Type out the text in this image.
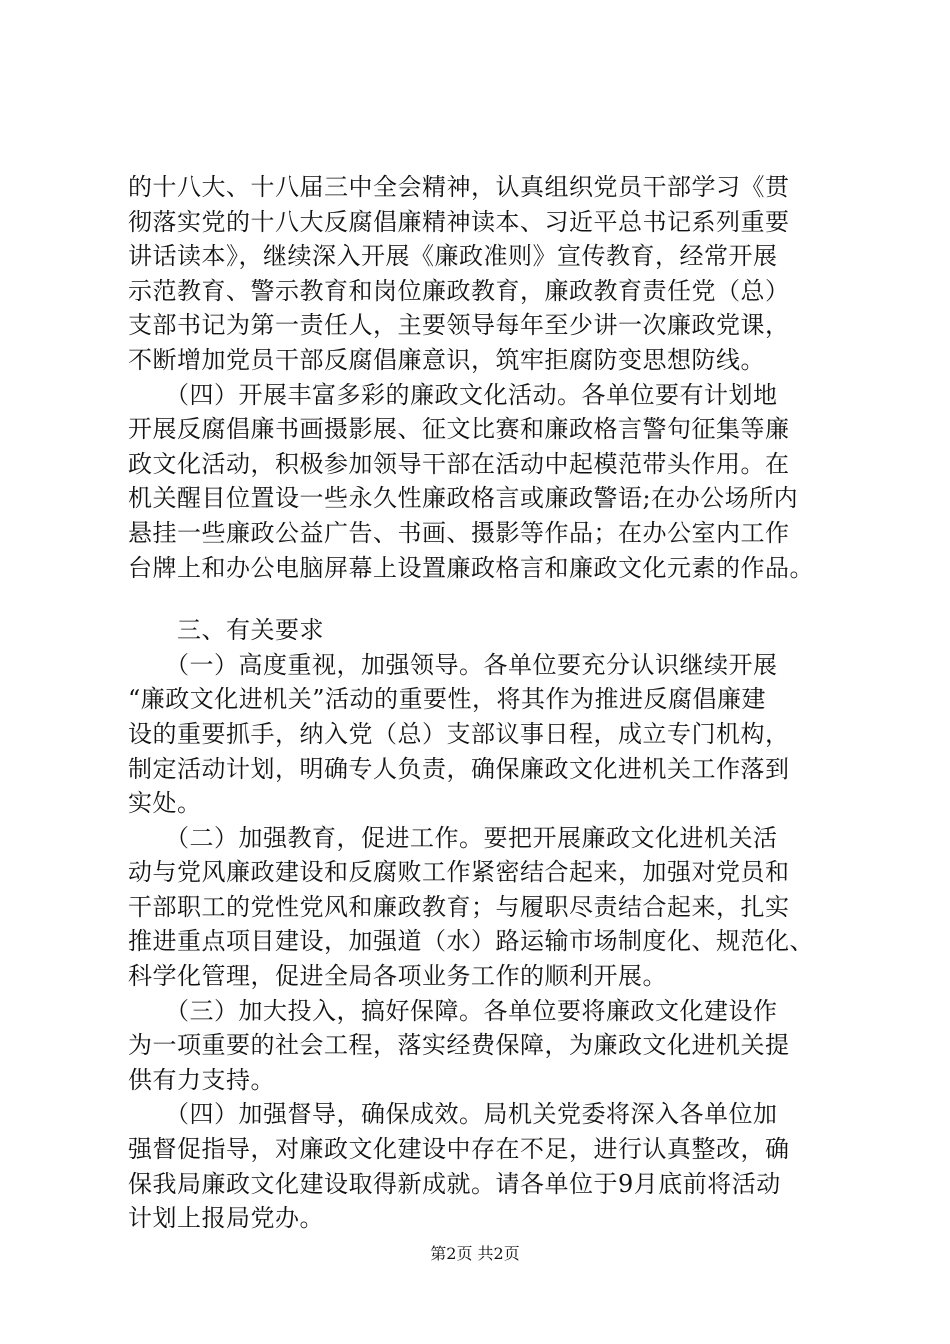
的十八大、十八届三中全会精神，认真组织党员干部学习《贯
彻落实党的十八大反腐倡廉精神读本、习近平总书记系列重要
讲话读本》，继续深入开展《廉政准则》宣传教育，经常开展
示范教育、警示教育和岗位廉政教育，廉政教育责任党（总）
支部书记为第一责任人，主要领导每年至少讲一次廉政党课，
不断增加党员干部反腐倡廉意识，筑牢拒腐防变思想防线。
　　（四）开展丰富多彩的廉政文化活动。各单位要有计划地
开展反腐倡廉书画摄影展、征文比赛和廉政格言警句征集等廉
政文化活动，积极参加领导干部在活动中起模范带头作用。在
机关醒目位置设一些永久性廉政格言或廉政警语;在办公场所内
悬挂一些廉政公益广告、书画、摄影等作品；在办公室内工作
台牌上和办公电脑屏幕上设置廉政格言和廉政文化元素的作品。
　　三、有关要求
　　（一）高度重视，加强领导。各单位要充分认识继续开展
“廉政文化进机关”活动的重要性，将其作为推进反腐倡廉建
设的重要抓手，纳入党（总）支部议事日程，成立专门机构，
制定活动计划，明确专人负责，确保廉政文化进机关工作落到
实处。
　　（二）加强教育，促进工作。要把开展廉政文化进机关活
动与党风廉政建设和反腐败工作紧密结合起来，加强对党员和
干部职工的党性党风和廉政教育；与履职尽责结合起来，扎实
推进重点项目建设，加强道（水）路运输市场制度化、规范化、
科学化管理，促进全局各项业务工作的顺利开展。
　　（三）加大投入，搞好保障。各单位要将廉政文化建设作
为一项重要的社会工程，落实经费保障，为廉政文化进机关提
供有力支持。
　　（四）加强督导，确保成效。局机关党委将深入各单位加
强督促指导，对廉政文化建设中存在不足，进行认真整改，确
保我局廉政文化建设取得新成就。请各单位于9月底前将活动
计划上报局党办。
第2页 共2页
